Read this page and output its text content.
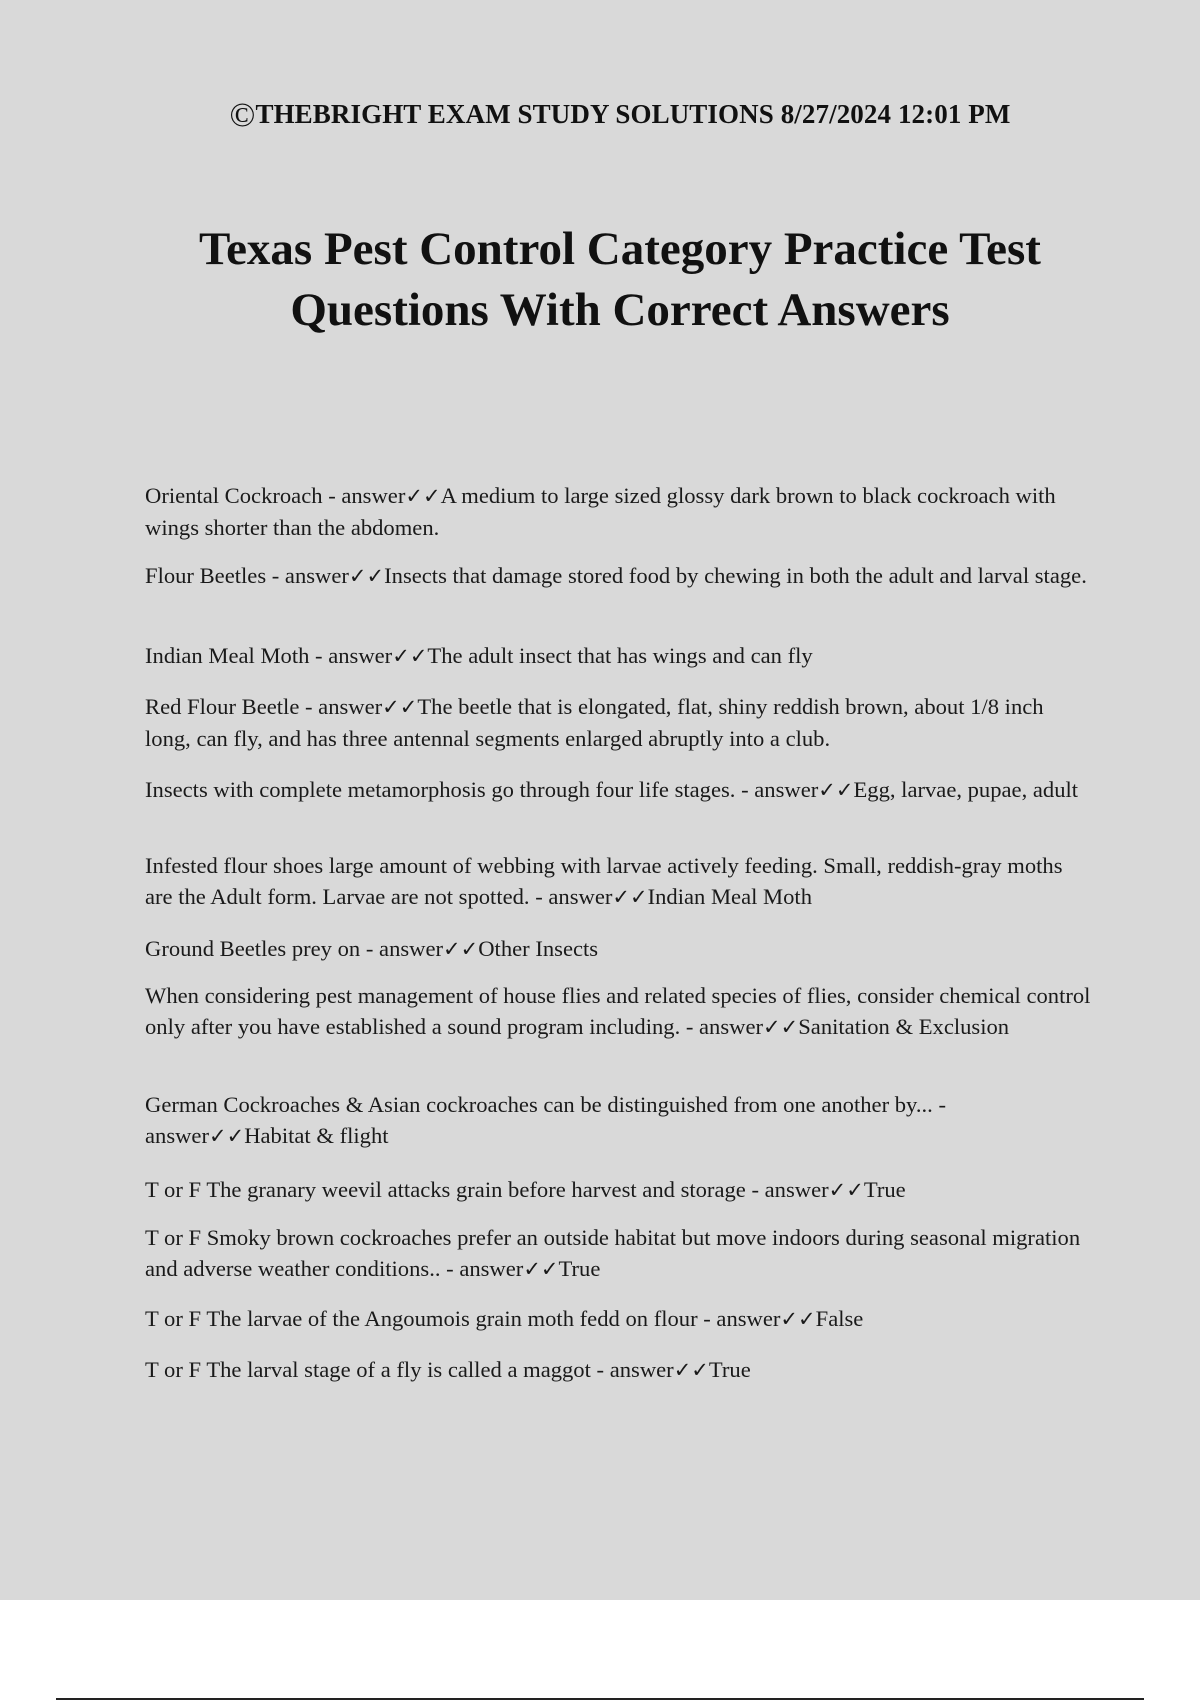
©THEBRIGHT EXAM STUDY SOLUTIONS 8/27/2024 12:01 PM
Texas Pest Control Category Practice Test
Questions With Correct Answers
Oriental Cockroach - answer✓✓A medium to large sized glossy dark brown to black cockroach with wings shorter than the abdomen.
Flour Beetles - answer✓✓Insects that damage stored food by chewing in both the adult and larval stage.
Indian Meal Moth - answer✓✓The adult insect that has wings and can fly
Red Flour Beetle - answer✓✓The beetle that is elongated, flat, shiny reddish brown, about 1/8 inch long, can fly, and has three antennal segments enlarged abruptly into a club.
Insects with complete metamorphosis go through four life stages. - answer✓✓Egg, larvae, pupae, adult
Infested flour shoes large amount of webbing with larvae actively feeding. Small, reddish-gray moths are the Adult form. Larvae are not spotted. - answer✓✓Indian Meal Moth
Ground Beetles prey on - answer✓✓Other Insects
When considering pest management of house flies and related species of flies, consider chemical control only after you have established a sound program including. - answer✓✓Sanitation & Exclusion
German Cockroaches & Asian cockroaches can be distinguished from one another by... - answer✓✓Habitat & flight
T or F The granary weevil attacks grain before harvest and storage - answer✓✓True
T or F Smoky brown cockroaches prefer an outside habitat but move indoors during seasonal migration and adverse weather conditions.. - answer✓✓True
T or F The larvae of the Angoumois grain moth fedd on flour - answer✓✓False
T or F The larval stage of a fly is called a maggot - answer✓✓True
